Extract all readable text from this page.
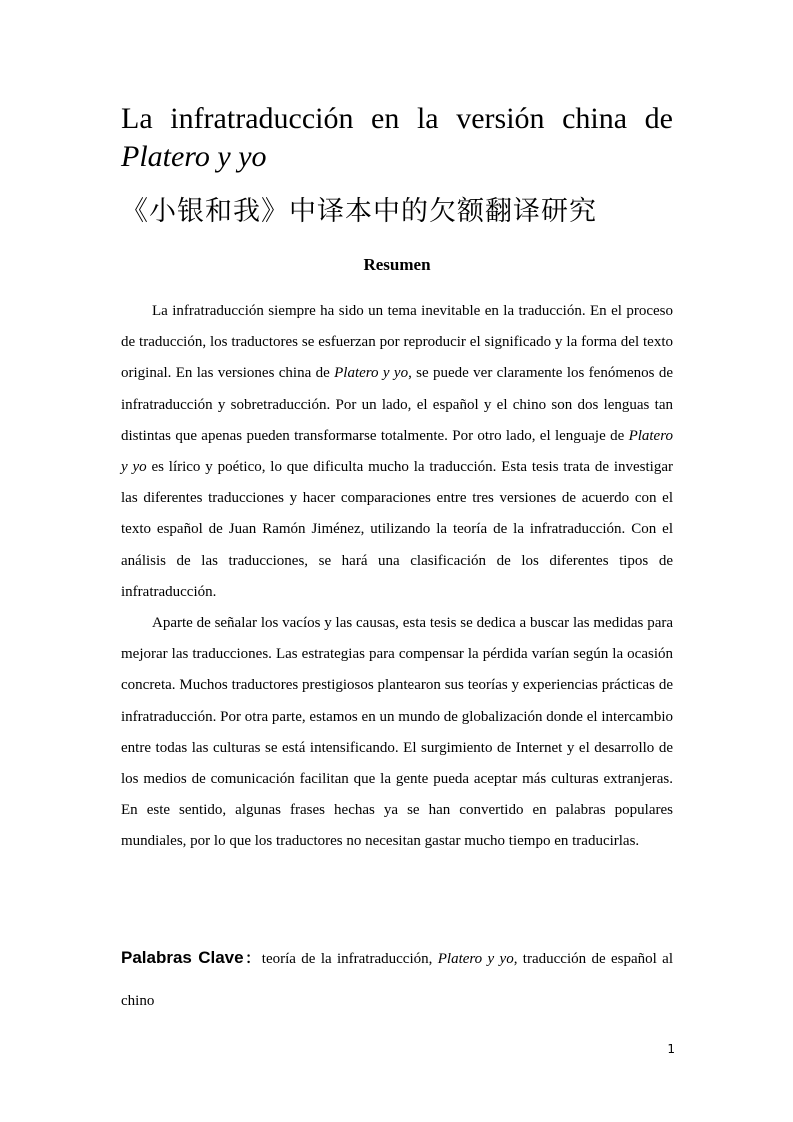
La infratraducción en la versión china de
Platero y yo
《小银和我》中译本中的欠额翻译研究
Resumen

La infratraducción siempre ha sido un tema inevitable en la traducción. En el proceso de traducción, los traductores se esfuerzan por reproducir el significado y la forma del texto original. En las versiones china de Platero y yo, se puede ver claramente los fenómenos de infratraducción y sobretraducción. Por un lado, el español y el chino son dos lenguas tan distintas que apenas pueden transformarse totalmente. Por otro lado, el lenguaje de Platero y yo es lírico y poético, lo que dificulta mucho la traducción. Esta tesis trata de investigar las diferentes traducciones y hacer comparaciones entre tres versiones de acuerdo con el texto español de Juan Ramón Jiménez, utilizando la teoría de la infratraducción. Con el análisis de las traducciones, se hará una clasificación de los diferentes tipos de infratraducción.

Aparte de señalar los vacíos y las causas, esta tesis se dedica a buscar las medidas para mejorar las traducciones. Las estrategias para compensar la pérdida varían según la ocasión concreta. Muchos traductores prestigiosos plantearon sus teorías y experiencias prácticas de infratraducción. Por otra parte, estamos en un mundo de globalización donde el intercambio entre todas las culturas se está intensificando. El surgimiento de Internet y el desarrollo de los medios de comunicación facilitan que la gente pueda aceptar más culturas extranjeras. En este sentido, algunas frases hechas ya se han convertido en palabras populares mundiales, por lo que los traductores no necesitan gastar mucho tiempo en traducirlas.

Palabras Clave：teoría de la infratraducción, Platero y yo, traducción de español al chino

1
